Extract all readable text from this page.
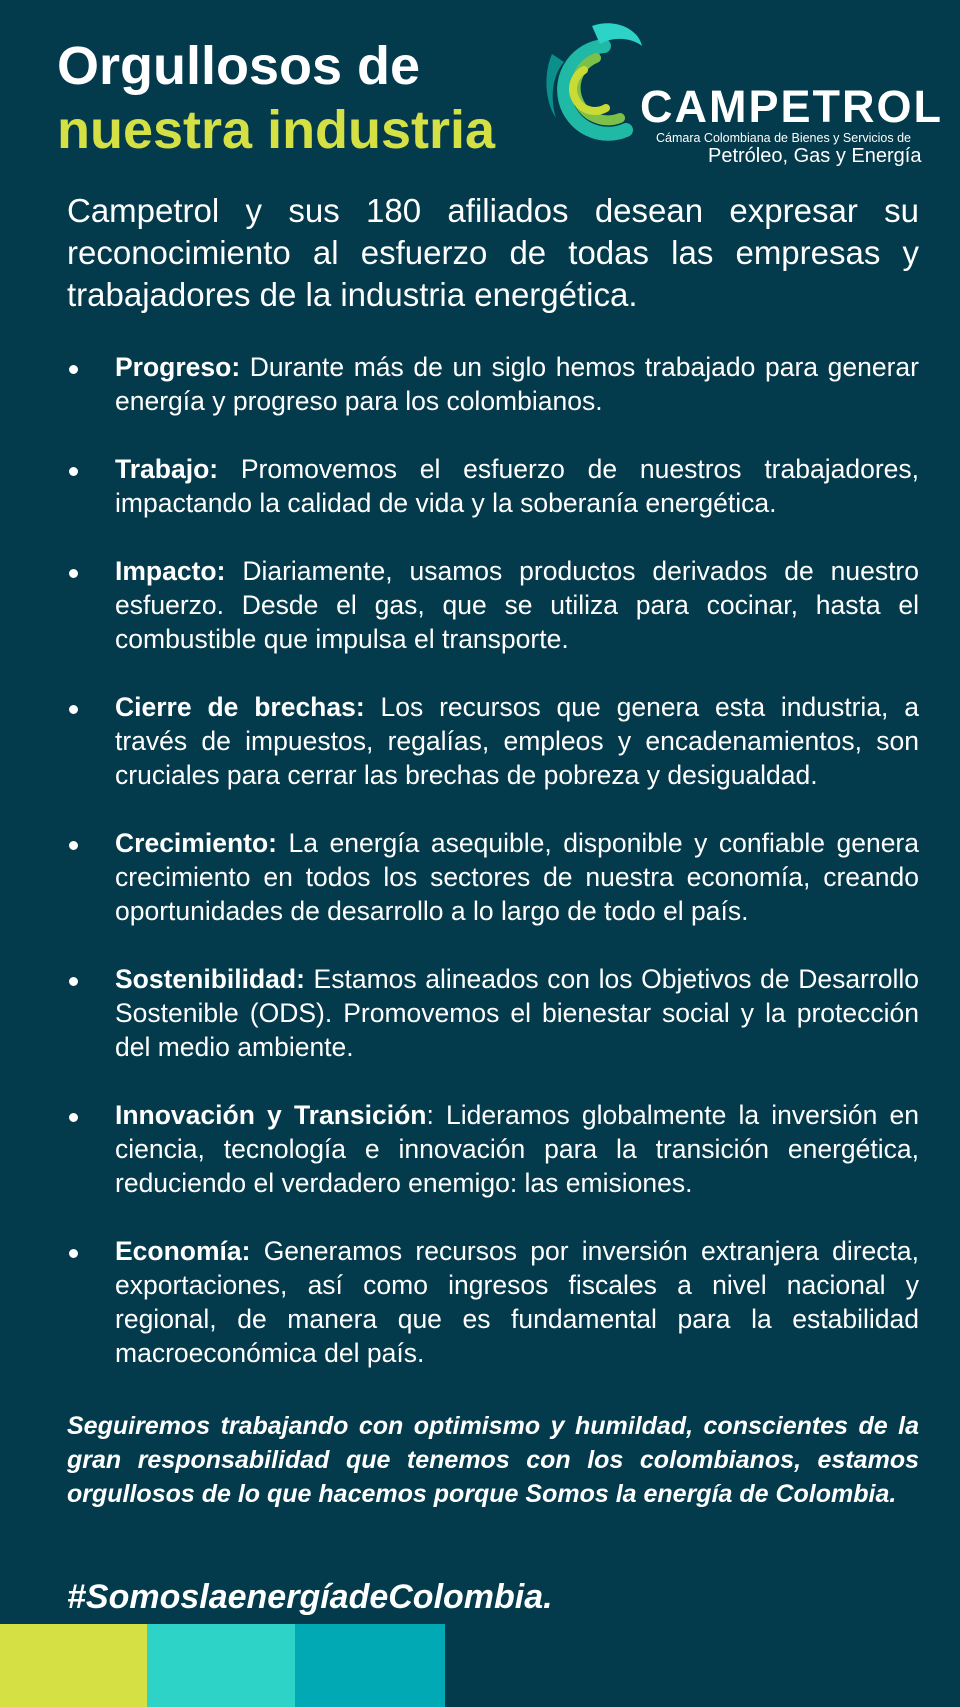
Orgullosos de
nuestra industria	CAMPETROL
Cámara Colombiana de Bienes y Servicios de
Petróleo, Gas y Energía

Campetrol y sus 180 afiliados desean expresar su reconocimiento al esfuerzo de todas las empresas y trabajadores de la industria energética.

Progreso: Durante más de un siglo hemos trabajado para generar energía y progreso para los colombianos.
Trabajo: Promovemos el esfuerzo de nuestros trabajadores, impactando la calidad de vida y la soberanía energética.
Impacto: Diariamente, usamos productos derivados de nuestro esfuerzo. Desde el gas, que se utiliza para cocinar, hasta el combustible que impulsa el transporte.
Cierre de brechas: Los recursos que genera esta industria, a través de impuestos, regalías, empleos y encadenamientos, son cruciales para cerrar las brechas de pobreza y desigualdad.
Crecimiento: La energía asequible, disponible y confiable genera crecimiento en todos los sectores de nuestra economía, creando oportunidades de desarrollo a lo largo de todo el país.
Sostenibilidad: Estamos alineados con los Objetivos de Desarrollo Sostenible (ODS). Promovemos el bienestar social y la protección del medio ambiente.
Innovación y Transición: Lideramos globalmente la inversión en ciencia, tecnología e innovación para la transición energética, reduciendo el verdadero enemigo: las emisiones.
Economía: Generamos recursos por inversión extranjera directa, exportaciones, así como ingresos fiscales a nivel nacional y regional, de manera que es fundamental para la estabilidad macroeconómica del país.

Seguiremos trabajando con optimismo y humildad, conscientes de la gran responsabilidad que tenemos con los colombianos, estamos orgullosos de lo que hacemos porque Somos la energía de Colombia.

#SomoslaenergíadeColombia.
